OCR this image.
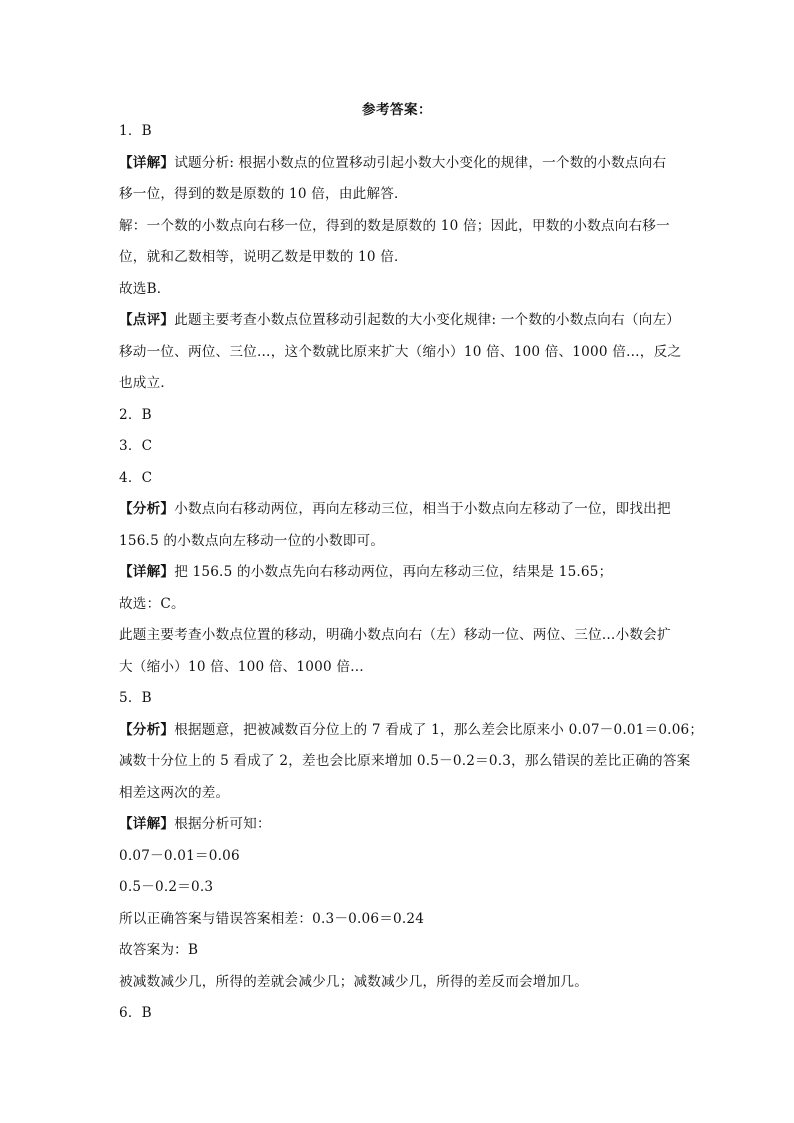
参考答案：
1．B
【详解】试题分析: 根据小数点的位置移动引起小数大小变化的规律，一个数的小数点向右
移一位，得到的数是原数的 10 倍，由此解答．
解：一个数的小数点向右移一位，得到的数是原数的 10 倍；因此，甲数的小数点向右移一
位，就和乙数相等，说明乙数是甲数的 10 倍．
故选B．
【点评】此题主要考查小数点位置移动引起数的大小变化规律: 一个数的小数点向右（向左）
移动一位、两位、三位…，这个数就比原来扩大（缩小）10 倍、100 倍、1000 倍…，反之
也成立．
2．B
3．C
4．C
【分析】小数点向右移动两位，再向左移动三位，相当于小数点向左移动了一位，即找出把
156.5 的小数点向左移动一位的小数即可。
【详解】把 156.5 的小数点先向右移动两位，再向左移动三位，结果是 15.65；
故选：C。
此题主要考查小数点位置的移动，明确小数点向右（左）移动一位、两位、三位…小数会扩
大（缩小）10 倍、100 倍、1000 倍…
5．B
【分析】根据题意，把被减数百分位上的 7 看成了 1，那么差会比原来小 0.07－0.01＝0.06；
减数十分位上的 5 看成了 2，差也会比原来增加 0.5－0.2＝0.3，那么错误的差比正确的答案
相差这两次的差。
【详解】根据分析可知：
0.07－0.01＝0.06
0.5－0.2＝0.3
所以正确答案与错误答案相差：0.3－0.06＝0.24
故答案为：B
被减数减少几，所得的差就会减少几；减数减少几，所得的差反而会增加几。
6．B
